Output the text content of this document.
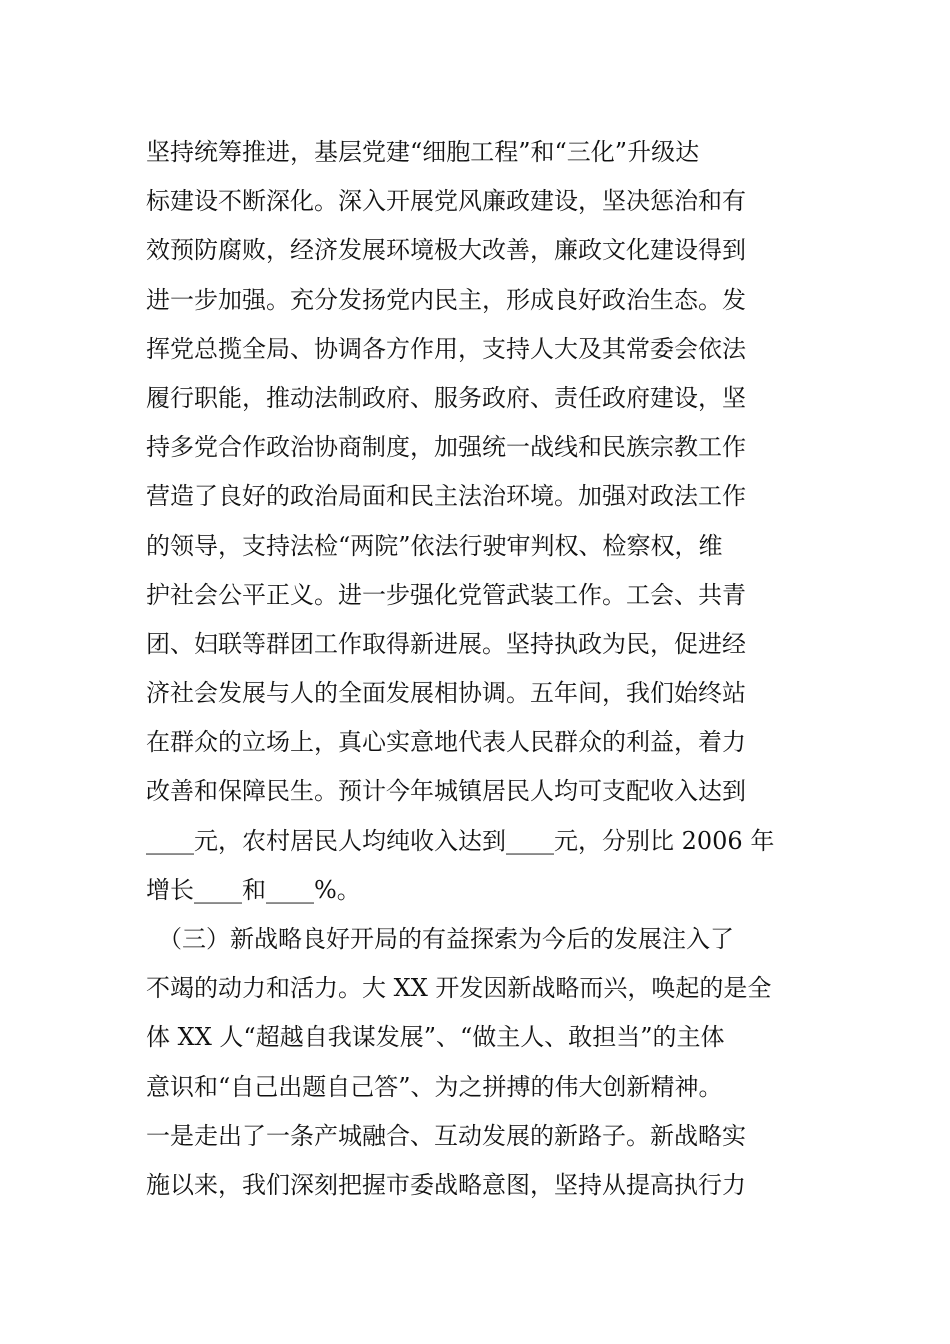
坚持统筹推进，基层党建“细胞工程”和“三化”升级达
标建设不断深化。深入开展党风廉政建设，坚决惩治和有
效预防腐败，经济发展环境极大改善，廉政文化建设得到
进一步加强。充分发扬党内民主，形成良好政治生态。发
挥党总揽全局、协调各方作用，支持人大及其常委会依法
履行职能，推动法制政府、服务政府、责任政府建设，坚
持多党合作政治协商制度，加强统一战线和民族宗教工作
营造了良好的政治局面和民主法治环境。加强对政法工作
的领导，支持法检“两院”依法行驶审判权、检察权，维
护社会公平正义。进一步强化党管武装工作。工会、共青
团、妇联等群团工作取得新进展。坚持执政为民，促进经
济社会发展与人的全面发展相协调。五年间，我们始终站
在群众的立场上，真心实意地代表人民群众的利益，着力
改善和保障民生。预计今年城镇居民人均可支配收入达到
____元，农村居民人均纯收入达到____元，分别比 2006 年
增长____和____%。
　（三）新战略良好开局的有益探索为今后的发展注入了
不竭的动力和活力。大 XX 开发因新战略而兴，唤起的是全
体 XX 人“超越自我谋发展”、“做主人、敢担当”的主体
意识和“自己出题自己答”、为之拼搏的伟大创新精神。
一是走出了一条产城融合、互动发展的新路子。新战略实
施以来，我们深刻把握市委战略意图，坚持从提高执行力
